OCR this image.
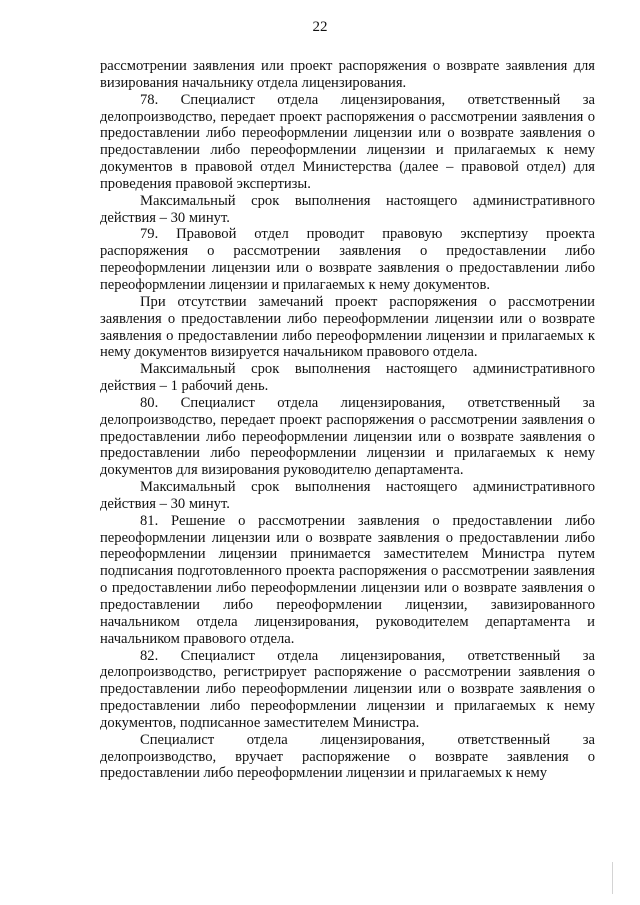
22

рассмотрении заявления или проект распоряжения о возврате заявления для визирования начальнику отдела лицензирования.

78. Специалист отдела лицензирования, ответственный за делопроизводство, передает проект распоряжения о рассмотрении заявления о предоставлении либо переоформлении лицензии или о возврате заявления о предоставлении либо переоформлении лицензии и прилагаемых к нему документов в правовой отдел Министерства (далее – правовой отдел) для проведения правовой экспертизы.

Максимальный срок выполнения настоящего административного действия – 30 минут.

79. Правовой отдел проводит правовую экспертизу проекта распоряжения о рассмотрении заявления о предоставлении либо переоформлении лицензии или о возврате заявления о предоставлении либо переоформлении лицензии и прилагаемых к нему документов.

При отсутствии замечаний проект распоряжения о рассмотрении заявления о предоставлении либо переоформлении лицензии или о возврате заявления о предоставлении либо переоформлении лицензии и прилагаемых к нему документов визируется начальником правового отдела.

Максимальный срок выполнения настоящего административного действия – 1 рабочий день.

80. Специалист отдела лицензирования, ответственный за делопроизводство, передает проект распоряжения о рассмотрении заявления о предоставлении либо переоформлении лицензии или о возврате заявления о предоставлении либо переоформлении лицензии и прилагаемых к нему документов для визирования руководителю департамента.

Максимальный срок выполнения настоящего административного действия – 30 минут.

81. Решение о рассмотрении заявления о предоставлении либо переоформлении лицензии или о возврате заявления о предоставлении либо переоформлении лицензии принимается заместителем Министра путем подписания подготовленного проекта распоряжения о рассмотрении заявления о предоставлении либо переоформлении лицензии или о возврате заявления о предоставлении либо переоформлении лицензии, завизированного начальником отдела лицензирования, руководителем департамента и начальником правового отдела.

82. Специалист отдела лицензирования, ответственный за делопроизводство, регистрирует распоряжение о рассмотрении заявления о предоставлении либо переоформлении лицензии или о возврате заявления о предоставлении либо переоформлении лицензии и прилагаемых к нему документов, подписанное заместителем Министра.

Специалист отдела лицензирования, ответственный за делопроизводство, вручает распоряжение о возврате заявления о предоставлении либо переоформлении лицензии и прилагаемых к нему
